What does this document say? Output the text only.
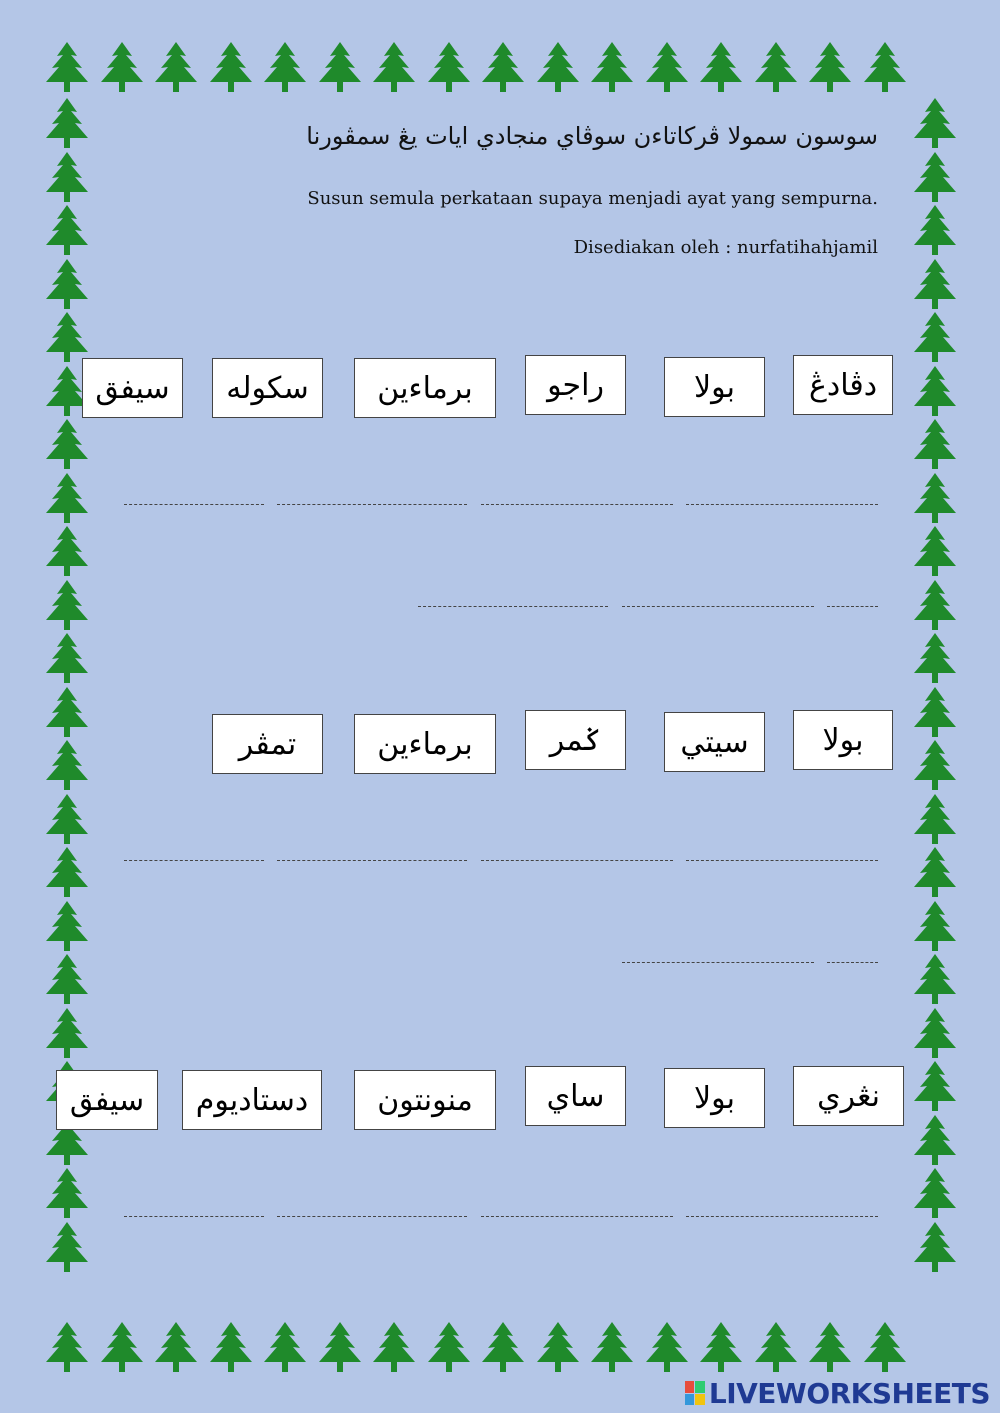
سوسون سمولا ڤركاتاءن سوڤاي منجادي ايات يڠ سمڤورنا
Susun semula perkataan supaya menjadi ayat yang sempurna.
Disediakan oleh : nurfatihahjamil
دڤادڠ
بولا
راجو
برماءين
سکوله
سيفق
بولا
سيتي
ݢمر
برماءين
تمڤر
نڠري
بولا
ساي
منونتون
دستاديوم
سيفق
LIVEWORKSHEETS
